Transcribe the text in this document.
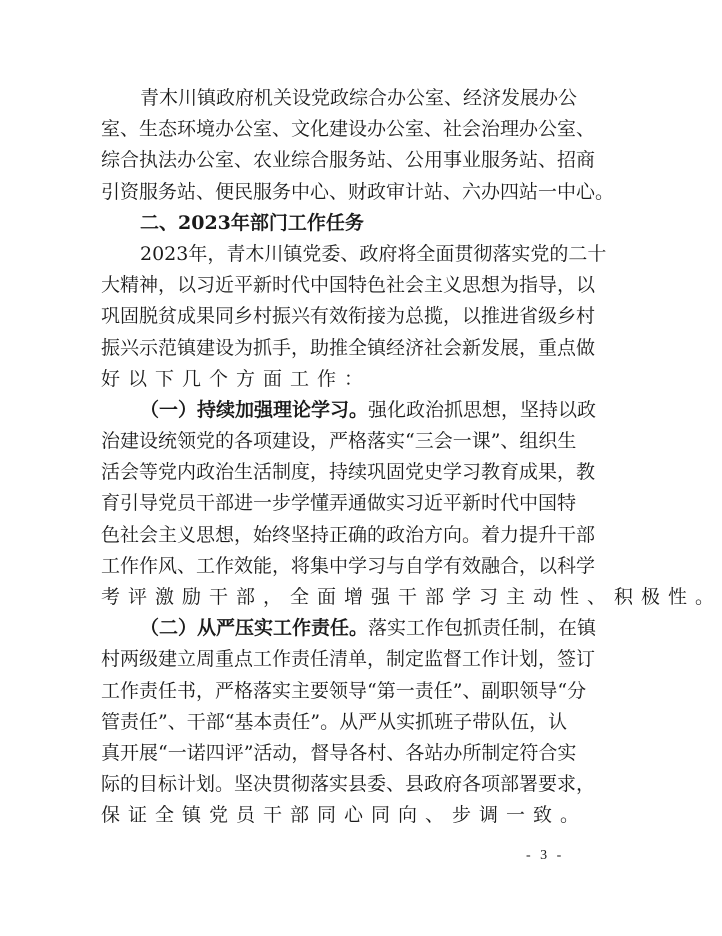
青木川镇政府机关设党政综合办公室、经济发展办公
室、生态环境办公室、文化建设办公室、社会治理办公室、
综合执法办公室、农业综合服务站、公用事业服务站、招商
引资服务站、便民服务中心、财政审计站、六办四站一中心。
二、2023年部门工作任务
2023年，青木川镇党委、政府将全面贯彻落实党的二十
大精神，以习近平新时代中国特色社会主义思想为指导，以
巩固脱贫成果同乡村振兴有效衔接为总揽，以推进省级乡村
振兴示范镇建设为抓手，助推全镇经济社会新发展，重点做
好以下几个方面工作：
（一）持续加强理论学习。强化政治抓思想，坚持以政
治建设统领党的各项建设，严格落实“三会一课”、组织生
活会等党内政治生活制度，持续巩固党史学习教育成果，教
育引导党员干部进一步学懂弄通做实习近平新时代中国特
色社会主义思想，始终坚持正确的政治方向。着力提升干部
工作作风、工作效能，将集中学习与自学有效融合，以科学
考评激励干部，全面增强干部学习主动性、积极性。
（二）从严压实工作责任。落实工作包抓责任制，在镇
村两级建立周重点工作责任清单，制定监督工作计划，签订
工作责任书，严格落实主要领导“第一责任”、副职领导“分
管责任”、干部“基本责任”。从严从实抓班子带队伍，认
真开展“一诺四评”活动，督导各村、各站办所制定符合实
际的目标计划。坚决贯彻落实县委、县政府各项部署要求，
保证全镇党员干部同心同向、步调一致。
- 3 -
